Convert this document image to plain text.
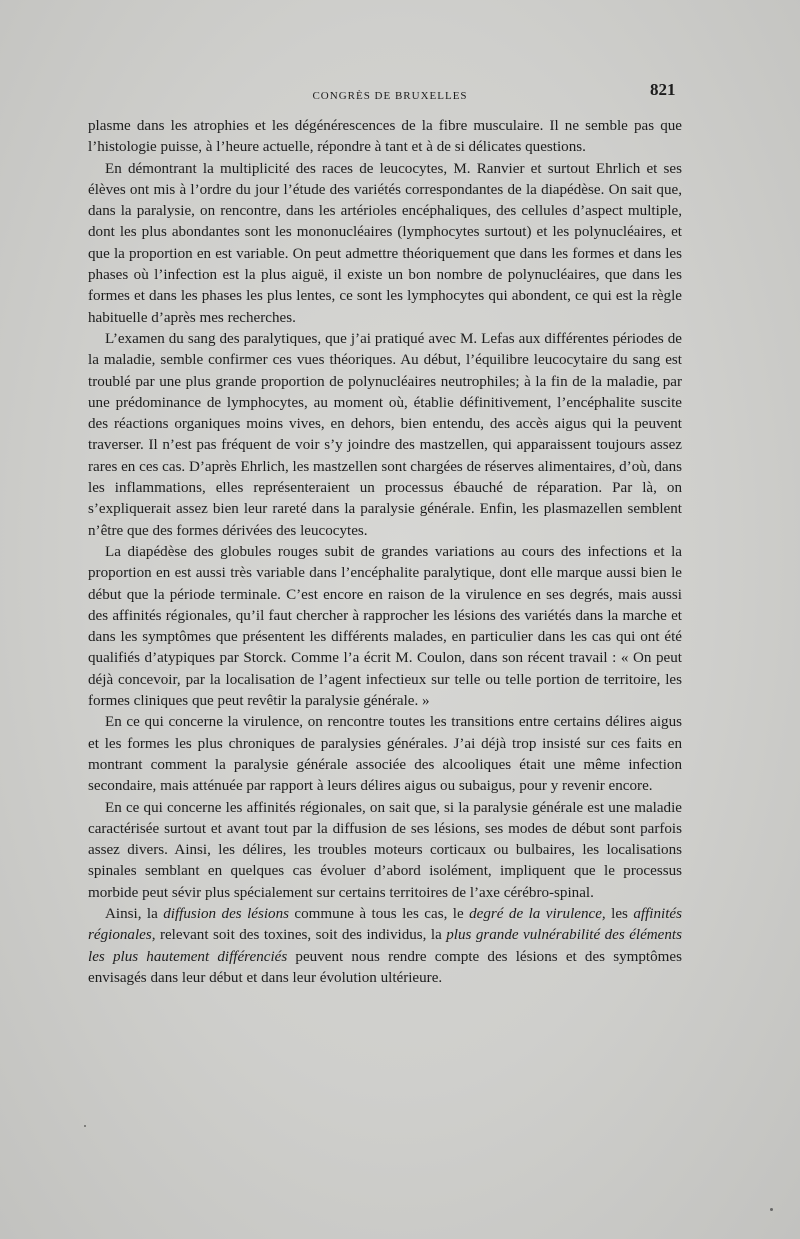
CONGRÈS DE BRUXELLES	821

plasme dans les atrophies et les dégénérescences de la fibre musculaire. Il ne semble pas que l’histologie puisse, à l’heure actuelle, répondre à tant et à de si délicates questions.

En démontrant la multiplicité des races de leucocytes, M. Ranvier et surtout Ehrlich et ses élèves ont mis à l’ordre du jour l’étude des variétés correspondantes de la diapédèse. On sait que, dans la paralysie, on rencontre, dans les artérioles encéphaliques, des cellules d’aspect multiple, dont les plus abondantes sont les mononucléaires (lymphocytes surtout) et les polynucléaires, et que la proportion en est variable. On peut admettre théoriquement que dans les formes et dans les phases où l’infection est la plus aiguë, il existe un bon nombre de polynucléaires, que dans les formes et dans les phases les plus lentes, ce sont les lymphocytes qui abondent, ce qui est la règle habituelle d’après mes recherches.

L’examen du sang des paralytiques, que j’ai pratiqué avec M. Lefas aux différentes périodes de la maladie, semble confirmer ces vues théoriques. Au début, l’équilibre leucocytaire du sang est troublé par une plus grande proportion de polynucléaires neutrophiles; à la fin de la maladie, par une prédominance de lymphocytes, au moment où, établie définitivement, l’encéphalite suscite des réactions organiques moins vives, en dehors, bien entendu, des accès aigus qui la peuvent traverser. Il n’est pas fréquent de voir s’y joindre des mastzellen, qui apparaissent toujours assez rares en ces cas. D’après Ehrlich, les mastzellen sont chargées de réserves alimentaires, d’où, dans les inflammations, elles représenteraient un processus ébauché de réparation. Par là, on s’expliquerait assez bien leur rareté dans la paralysie générale. Enfin, les plasmazellen semblent n’être que des formes dérivées des leucocytes.

La diapédèse des globules rouges subit de grandes variations au cours des infections et la proportion en est aussi très variable dans l’encéphalite paralytique, dont elle marque aussi bien le début que la période terminale. C’est encore en raison de la virulence en ses degrés, mais aussi des affinités régionales, qu’il faut chercher à rapprocher les lésions des variétés dans la marche et dans les symptômes que présentent les différents malades, en particulier dans les cas qui ont été qualifiés d’atypiques par Storck. Comme l’a écrit M. Coulon, dans son récent travail : « On peut déjà concevoir, par la localisation de l’agent infectieux sur telle ou telle portion de territoire, les formes cliniques que peut revêtir la paralysie générale. »

En ce qui concerne la virulence, on rencontre toutes les transitions entre certains délires aigus et les formes les plus chroniques de paralysies générales. J’ai déjà trop insisté sur ces faits en montrant comment la paralysie générale associée des alcooliques était une même infection secondaire, mais atténuée par rapport à leurs délires aigus ou subaigus, pour y revenir encore.

En ce qui concerne les affinités régionales, on sait que, si la paralysie générale est une maladie caractérisée surtout et avant tout par la diffusion de ses lésions, ses modes de début sont parfois assez divers. Ainsi, les délires, les troubles moteurs corticaux ou bulbaires, les localisations spinales semblant en quelques cas évoluer d’abord isolément, impliquent que le processus morbide peut sévir plus spécialement sur certains territoires de l’axe cérébro-spinal.

Ainsi, la diffusion des lésions commune à tous les cas, le degré de la virulence, les affinités régionales, relevant soit des toxines, soit des individus, la plus grande vulnérabilité des éléments les plus hautement différenciés peuvent nous rendre compte des lésions et des symptômes envisagés dans leur début et dans leur évolution ultérieure.
